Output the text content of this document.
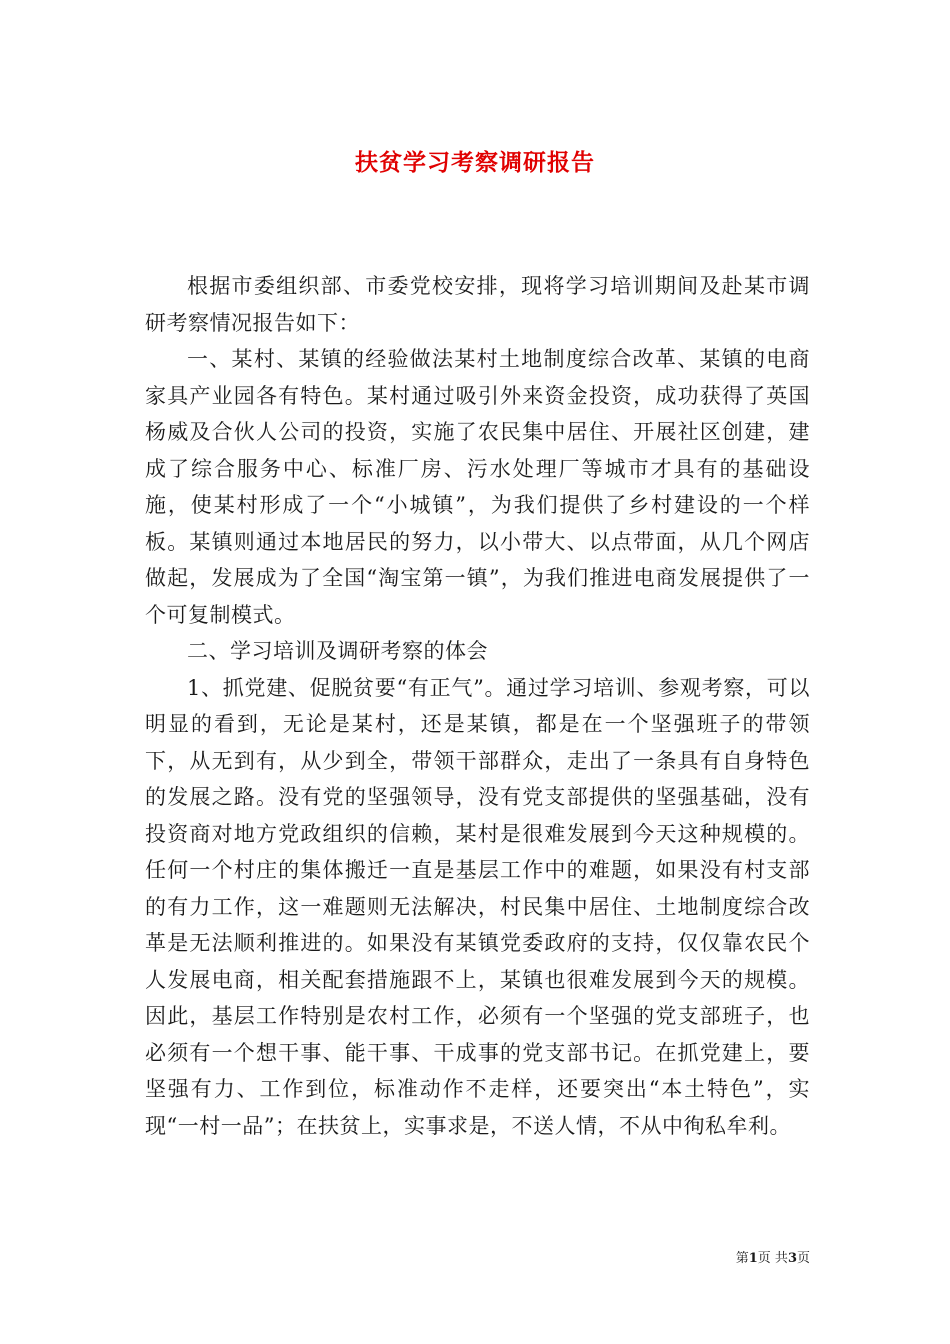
扶贫学习考察调研报告

根据市委组织部、市委党校安排，现将学习培训期间及赴某市调研考察情况报告如下：

一、某村、某镇的经验做法某村土地制度综合改革、某镇的电商家具产业园各有特色。某村通过吸引外来资金投资，成功获得了英国杨威及合伙人公司的投资，实施了农民集中居住、开展社区创建，建成了综合服务中心、标准厂房、污水处理厂等城市才具有的基础设施，使某村形成了一个“小城镇”，为我们提供了乡村建设的一个样板。某镇则通过本地居民的努力，以小带大、以点带面，从几个网店做起，发展成为了全国“淘宝第一镇”，为我们推进电商发展提供了一个可复制模式。

二、学习培训及调研考察的体会

1、抓党建、促脱贫要“有正气”。通过学习培训、参观考察，可以明显的看到，无论是某村，还是某镇，都是在一个坚强班子的带领下，从无到有，从少到全，带领干部群众，走出了一条具有自身特色的发展之路。没有党的坚强领导，没有党支部提供的坚强基础，没有投资商对地方党政组织的信赖，某村是很难发展到今天这种规模的。任何一个村庄的集体搬迁一直是基层工作中的难题，如果没有村支部的有力工作，这一难题则无法解决，村民集中居住、土地制度综合改革是无法顺利推进的。如果没有某镇党委政府的支持，仅仅靠农民个人发展电商，相关配套措施跟不上，某镇也很难发展到今天的规模。因此，基层工作特别是农村工作，必须有一个坚强的党支部班子，也必须有一个想干事、能干事、干成事的党支部书记。在抓党建上，要坚强有力、工作到位，标准动作不走样，还要突出“本土特色”，实现“一村一品”；在扶贫上，实事求是，不送人情，不从中徇私牟利。

第1页 共3页
